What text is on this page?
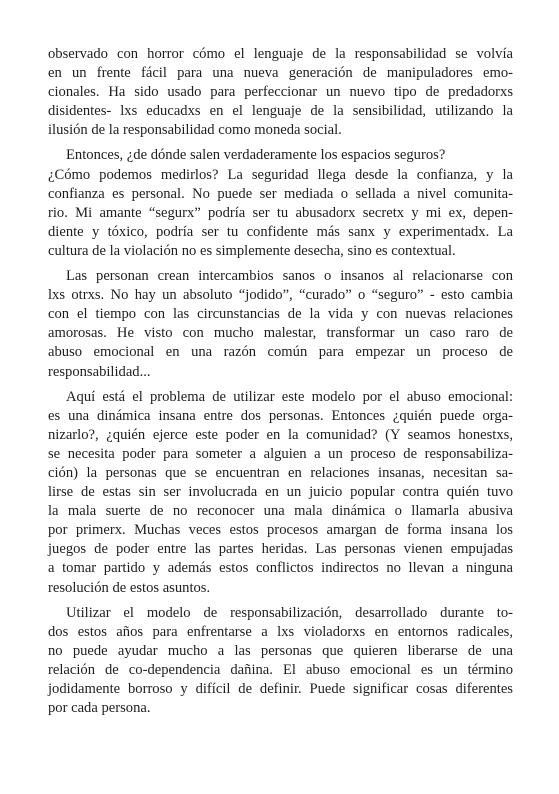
observado con horror cómo el lenguaje de la responsabilidad se volvía
en un frente fácil para una nueva generación de manipuladores emo-
cionales. Ha sido usado para perfeccionar un nuevo tipo de predadorxs
disidentes- lxs educadxs en el lenguaje de la sensibilidad, utilizando la
ilusión de la responsabilidad como moneda social.
Entonces, ¿de dónde salen verdaderamente los espacios seguros?
¿Cómo podemos medirlos? La seguridad llega desde la confianza, y la
confianza es personal. No puede ser mediada o sellada a nivel comunita-
rio. Mi amante “segurx” podría ser tu abusadorx secretx y mi ex, depen-
diente y tóxico, podría ser tu confidente más sanx y experimentadx. La
cultura de la violación no es simplemente desecha, sino es contextual.
Las personan crean intercambios sanos o insanos al relacionarse con
lxs otrxs. No hay un absoluto “jodido”, “curado” o “seguro” - esto cambia
con el tiempo con las circunstancias de la vida y con nuevas relaciones
amorosas. He visto con mucho malestar, transformar un caso raro de
abuso emocional en una razón común para empezar un proceso de
responsabilidad...
Aquí está el problema de utilizar este modelo por el abuso emocional:
es una dinámica insana entre dos personas. Entonces ¿quién puede orga-
nizarlo?, ¿quién ejerce este poder en la comunidad? (Y seamos honestxs,
se necesita poder para someter a alguien a un proceso de responsabiliza-
ción) la personas que se encuentran en relaciones insanas, necesitan sa-
lirse de estas sin ser involucrada en un juicio popular contra quién tuvo
la mala suerte de no reconocer una mala dinámica o llamarla abusiva
por primerx. Muchas veces estos procesos amargan de forma insana los
juegos de poder entre las partes heridas. Las personas vienen empujadas
a tomar partido y además estos conflictos indirectos no llevan a ninguna
resolución de estos asuntos.
Utilizar el modelo de responsabilización, desarrollado durante to-
dos estos años para enfrentarse a lxs violadorxs en entornos radicales,
no puede ayudar mucho a las personas que quieren liberarse de una
relación de co-dependencia dañina. El abuso emocional es un término
jodidamente borroso y difícil de definir. Puede significar cosas diferentes
por cada persona.
